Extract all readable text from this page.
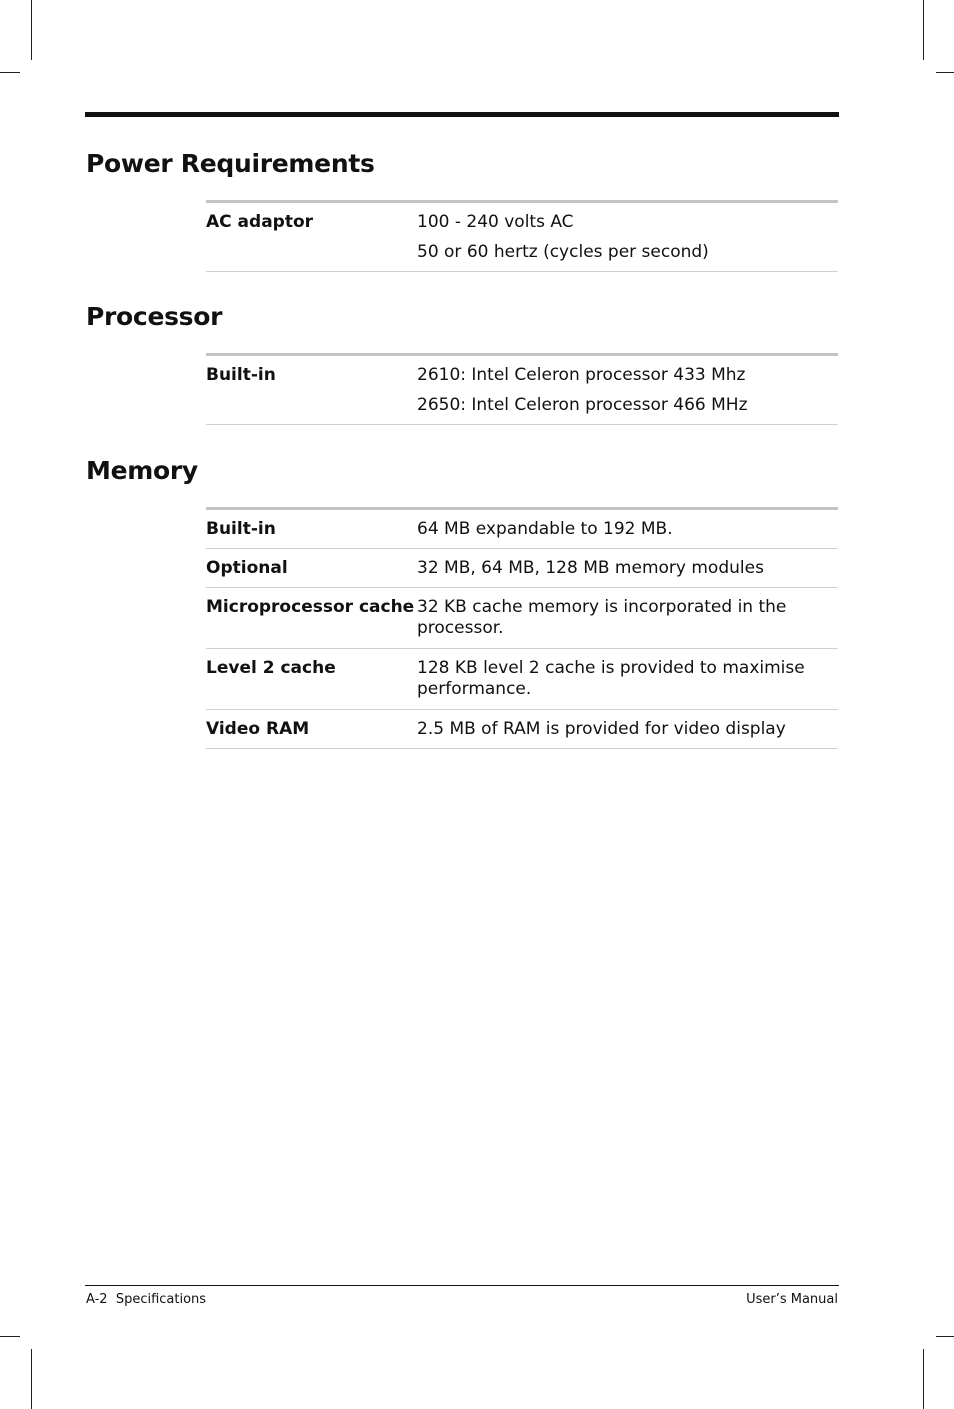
Power Requirements
AC adaptor	100 - 240 volts AC
50 or 60 hertz (cycles per second)
Processor
Built-in	2610: Intel Celeron processor 433 Mhz
2650: Intel Celeron processor 466 MHz
Memory
Built-in	64 MB expandable to 192 MB.
Optional	32 MB, 64 MB, 128 MB memory modules
Microprocessor cache 32 KB cache memory is incorporated in the processor.
Level 2 cache	128 KB level 2 cache is provided to maximise performance.
Video RAM	2.5 MB of RAM is provided for video display
A-2  Specifications	User’s Manual
